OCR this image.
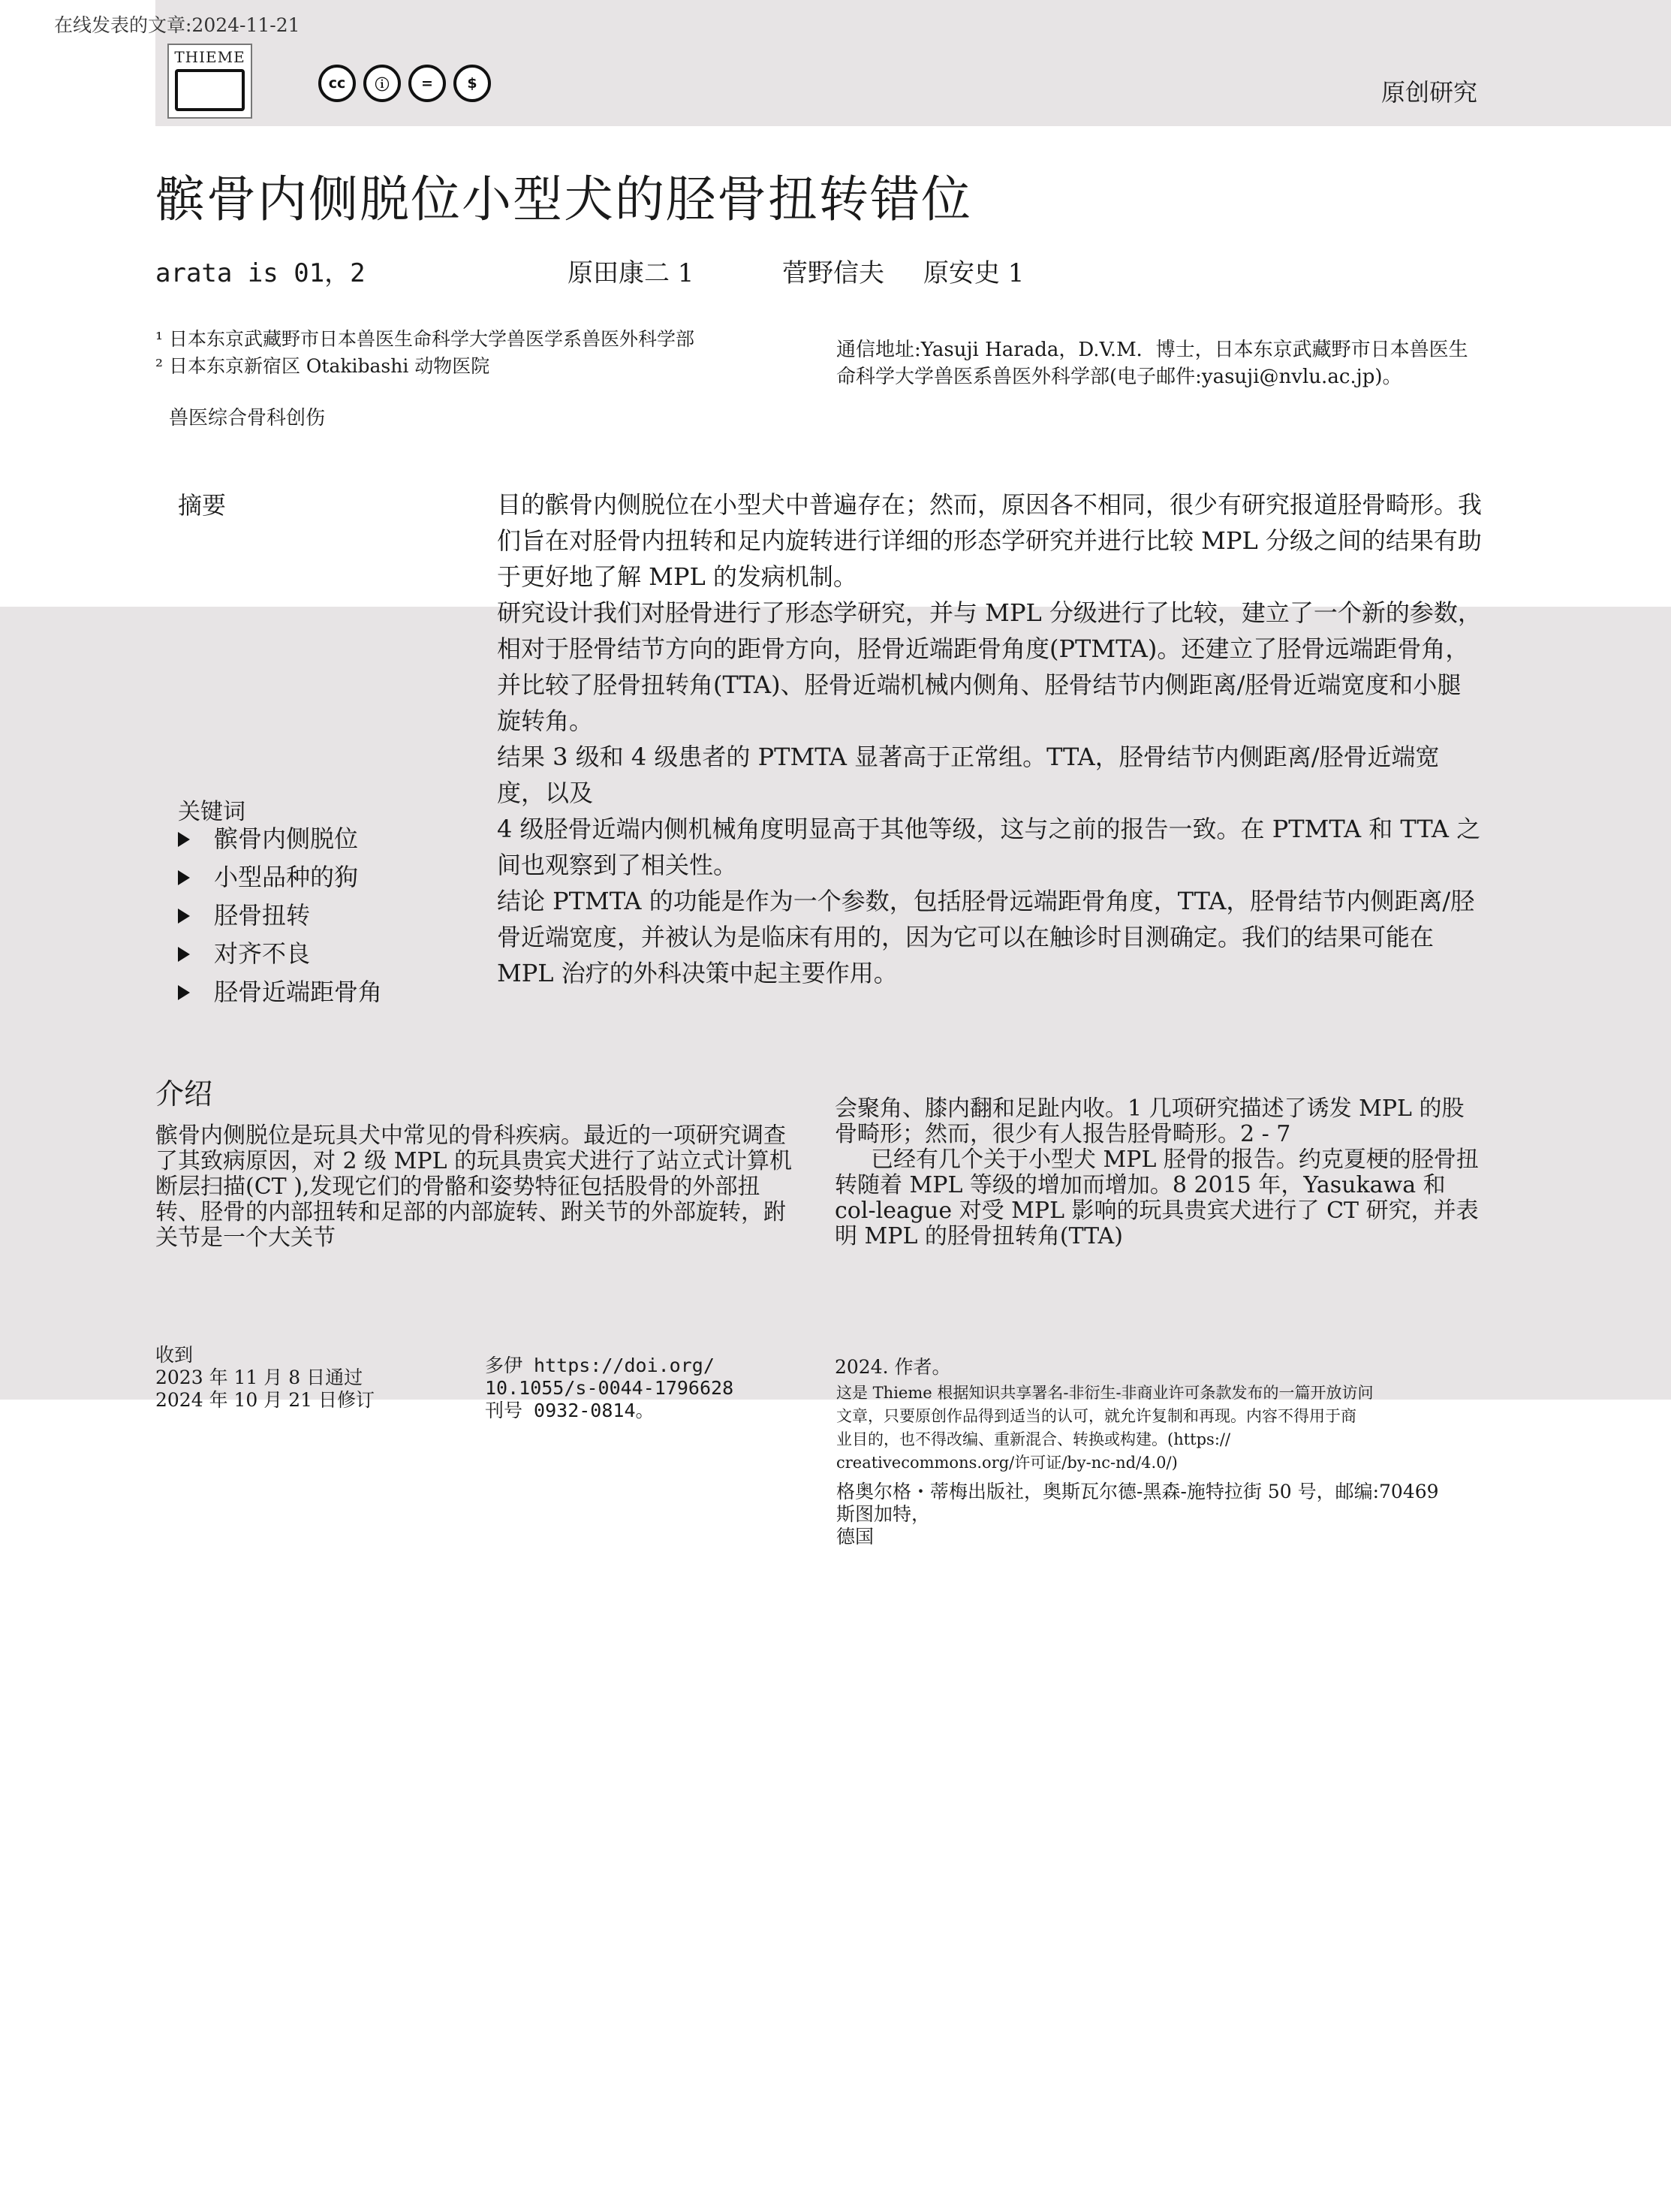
在线发表的文章:2024-11-21
THIEME
cc	ⓘ	=	$	原创研究
髌骨内侧脱位小型犬的胫骨扭转错位
arata is 01，2	原田康二 1	菅野信夫 原安史 1
¹ 日本东京武藏野市日本兽医生命科学大学兽医学系兽医外科学部
² 日本东京新宿区 Otakibashi 动物医院
通信地址:Yasuji Harada，D.V.M．博士，日本东京武藏野市日本兽医生命科学大学兽医系兽医外科学部(电子邮件:yasuji@nvlu.ac.jp)。
兽医综合骨科创伤
摘要	目的髌骨内侧脱位在小型犬中普遍存在；然而，原因各不相同，很少有研究报道胫骨畸形。我们旨在对胫骨内扭转和足内旋转进行详细的形态学研究并进行比较 MPL 分级之间的结果有助于更好地了解 MPL 的发病机制。

研究设计我们对胫骨进行了形态学研究，并与 MPL 分级进行了比较，建立了一个新的参数，相对于胫骨结节方向的距骨方向，胫骨近端距骨角度(PTMTA)。还建立了胫骨远端距骨角，并比较了胫骨扭转角(TTA)、胫骨近端机械内侧角、胫骨结节内侧距离/胫骨近端宽度和小腿旋转角。

结果 3 级和 4 级患者的 PTMTA 显著高于正常组。TTA，胫骨结节内侧距离/胫骨近端宽度，以及

4 级胫骨近端内侧机械角度明显高于其他等级，这与之前的报告一致。在 PTMTA 和 TTA 之间也观察到了相关性。

结论 PTMTA 的功能是作为一个参数，包括胫骨远端距骨角度，TTA，胫骨结节内侧距离/胫骨近端宽度，并被认为是临床有用的，因为它可以在触诊时目测确定。我们的结果可能在 MPL 治疗的外科决策中起主要作用。

关键词
髌骨内侧脱位
小型品种的狗
胫骨扭转
对齐不良
胫骨近端距骨角
介绍

髌骨内侧脱位是玩具犬中常见的骨科疾病。最近的一项研究调查了其致病原因，对 2 级 MPL 的玩具贵宾犬进行了站立式计算机断层扫描(CT ),发现它们的骨骼和姿势特征包括股骨的外部扭转、胫骨的内部扭转和足部的内部旋转、跗关节的外部旋转，跗关节是一个大关节

会聚角、膝内翻和足趾内收。1 几项研究描述了诱发 MPL 的股骨畸形；然而，很少有人报告胫骨畸形。2 - 7

已经有几个关于小型犬 MPL 胫骨的报告。约克夏梗的胫骨扭转随着 MPL 等级的增加而增加。8 2015 年，Yasukawa 和 col-league 对受 MPL 影响的玩具贵宾犬进行了 CT 研究，并表明 MPL 的胫骨扭转角(TTA)

收到
2023 年 11 月 8 日通过
2024 年 10 月 21 日修订
多伊 https://doi.org/
10.1055/s-0044-1796628
刊号 0932-0814。
2024. 作者。
这是 Thieme 根据知识共享署名-非衍生-非商业许可条款发布的一篇开放访问
文章，只要原创作品得到适当的认可，就允许复制和再现。内容不得用于商
业目的，也不得改编、重新混合、转换或构建。(https://
creativecommons.org/许可证/by-nc-nd/4.0/)
格奥尔格・蒂梅出版社，奥斯瓦尔德-黑森-施特拉街 50 号，邮编:70469
斯图加特，
德国
